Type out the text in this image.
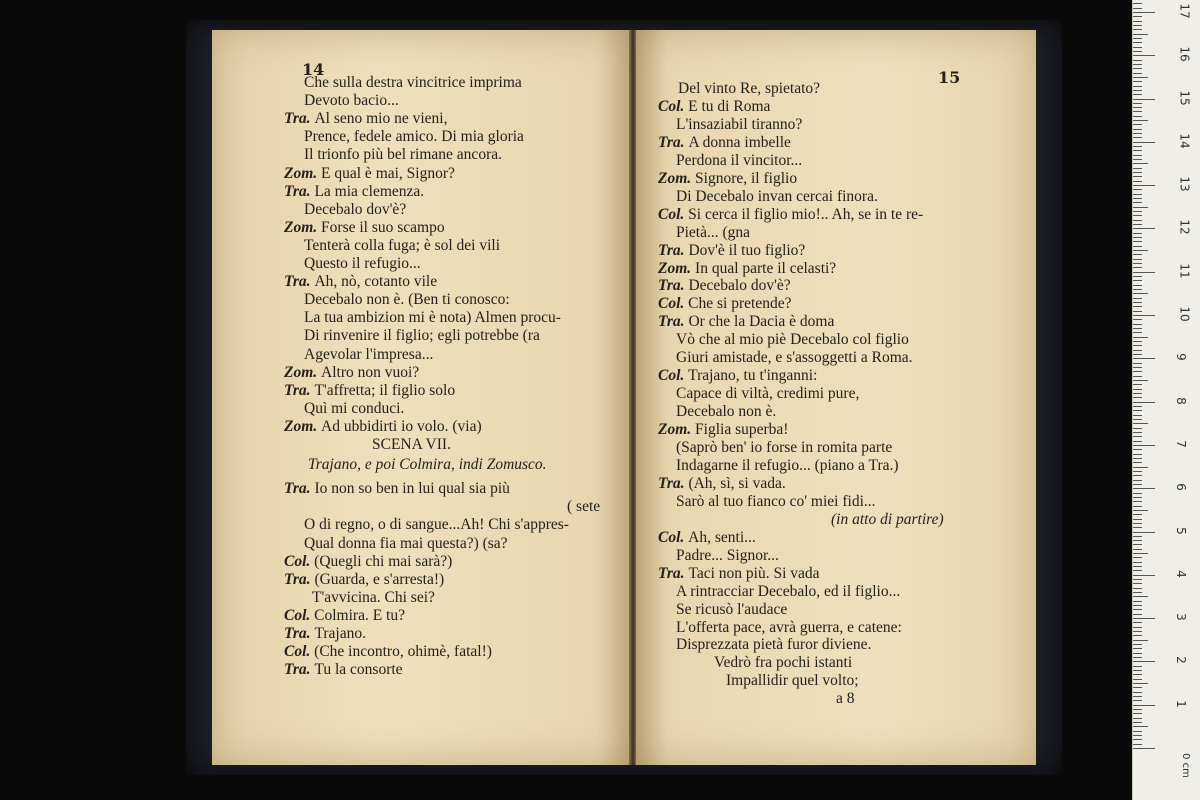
14
Che sulla destra vincitrice imprima
Devoto bacio...
Tra. Al seno mio ne vieni,
Prence, fedele amico. Di mia gloria
Il trionfo più bel rimane ancora.
Zom. E qual è mai, Signor?
Tra. La mia clemenza.
Decebalo dov'è?
Zom. Forse il suo scampo
Tenterà colla fuga; è sol dei vili
Questo il refugio...
Tra. Ah, nò, cotanto vile
Decebalo non è. (Ben ti conosco:
La tua ambizion mi è nota) Almen procu-
Di rinvenire il figlio; egli potrebbe (ra
Agevolar l'impresa...
Zom. Altro non vuoi?
Tra. T'affretta; il figlio solo
Quì mi conduci.
Zom. Ad ubbidirti io volo. (via)
SCENA VII.
Trajano, e poi Colmira, indi Zomusco.
Tra. Io non so ben in lui qual sia più
( sete
O di regno, o di sangue...Ah! Chi s'appres-
Qual donna fia mai questa?) (sa?
Col. (Quegli chi mai sarà?)
Tra. (Guarda, e s'arresta!)
T'avvicina. Chi sei?
Col. Colmira. E tu?
Tra. Trajano.
Col. (Che incontro, ohimè, fatal!)
Tra. Tu la consorte
15
Del vinto Re, spietato?
Col. E tu di Roma
L'insaziabil tiranno?
Tra. A donna imbelle
Perdona il vincitor...
Zom. Signore, il figlio
Di Decebalo invan cercai finora.
Col. Si cerca il figlio mio!.. Ah, se in te re-
Pietà... (gna
Tra. Dov'è il tuo figlio?
Zom. In qual parte il celasti?
Tra. Decebalo dov'è?
Col. Che si pretende?
Tra. Or che la Dacia è doma
Vò che al mio piè Decebalo col figlio
Giuri amistade, e s'assoggetti a Roma.
Col. Trajano, tu t'inganni:
Capace di viltà, credimi pure,
Decebalo non è.
Zom. Figlia superba!
(Saprò ben' io forse in romita parte
Indagarne il refugio... (piano a Tra.)
Tra. (Ah, sì, si vada.
Sarò al tuo fianco co' miei fidi...
(in atto di partire)
Col. Ah, senti...
Padre... Signor...
Tra. Taci non più. Si vada
A rintracciar Decebalo, ed il figlio...
Se ricusò l'audace
L'offerta pace, avrà guerra, e catene:
Disprezzata pietà furor diviene.
Vedrò fra pochi istanti
Impallidir quel volto;
a 8
0 cm
17
16
15
14
13
12
11
10
9
8
7
6
5
4
3
2
1
